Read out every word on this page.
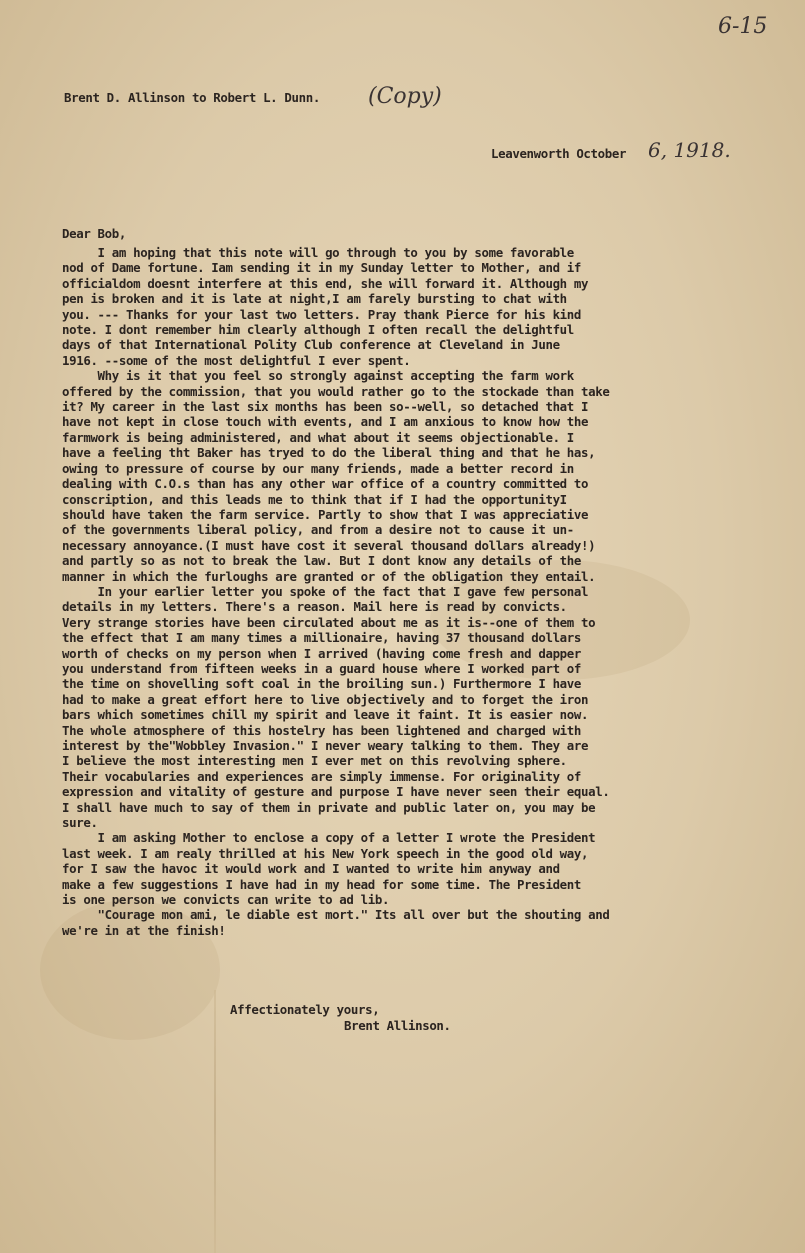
6-15
Brent D. Allinson to Robert L. Dunn. (Copy)
Leavenworth October 6, 1918.
Dear Bob,
I am hoping that this note will go through to you by some favorable
nod of Dame fortune. Iam sending it in my Sunday letter to Mother, and if
officialdom doesnt interfere at this end, she will forward it. Although my
pen is broken and it is late at night,I am farely bursting to chat with
you. --- Thanks for your last two letters. Pray thank Pierce for his kind
note. I dont remember him clearly although I often recall the delightful
days of that International Polity Club conference at Cleveland in June
1916. --some of the most delightful I ever spent.
Why is it that you feel so strongly against accepting the farm work
offered by the commission, that you would rather go to the stockade than take
it? My career in the last six months has been so--well, so detached that I
have not kept in close touch with events, and I am anxious to know how the
farmwork is being administered, and what about it seems objectionable. I
have a feeling tht Baker has tryed to do the liberal thing and that he has,
owing to pressure of course by our many friends, made a better record in
dealing with C.O.s than has any other war office of a country committed to
conscription, and this leads me to think that if I had the opportunityI
should have taken the farm service. Partly to show that I was appreciative
of the governments liberal policy, and from a desire not to cause it un-
necessary annoyance.(I must have cost it several thousand dollars already!)
and partly so as not to break the law. But I dont know any details of the
manner in which the furloughs are granted or of the obligation they entail.
In your earlier letter you spoke of the fact that I gave few personal
details in my letters. There's a reason. Mail here is read by convicts.
Very strange stories have been circulated about me as it is--one of them to
the effect that I am many times a millionaire, having 37 thousand dollars
worth of checks on my person when I arrived (having come fresh and dapper
you understand from fifteen weeks in a guard house where I worked part of
the time on shovelling soft coal in the broiling sun.) Furthermore I have
had to make a great effort here to live objectively and to forget the iron
bars which sometimes chill my spirit and leave it faint. It is easier now.
The whole atmosphere of this hostelry has been lightened and charged with
interest by the"Wobbley Invasion." I never weary talking to them. They are
I believe the most interesting men I ever met on this revolving sphere.
Their vocabularies and experiences are simply immense. For originality of
expression and vitality of gesture and purpose I have never seen their equal.
I shall have much to say of them in private and public later on, you may be
sure.
I am asking Mother to enclose a copy of a letter I wrote the President
last week. I am realy thrilled at his New York speech in the good old way,
for I saw the havoc it would work and I wanted to write him anyway and
make a few suggestions I have had in my head for some time. The President
is one person we convicts can write to ad lib.
"Courage mon ami, le diable est mort." Its all over but the shouting and
we're in at the finish!
Affectionately yours,
Brent Allinson.
